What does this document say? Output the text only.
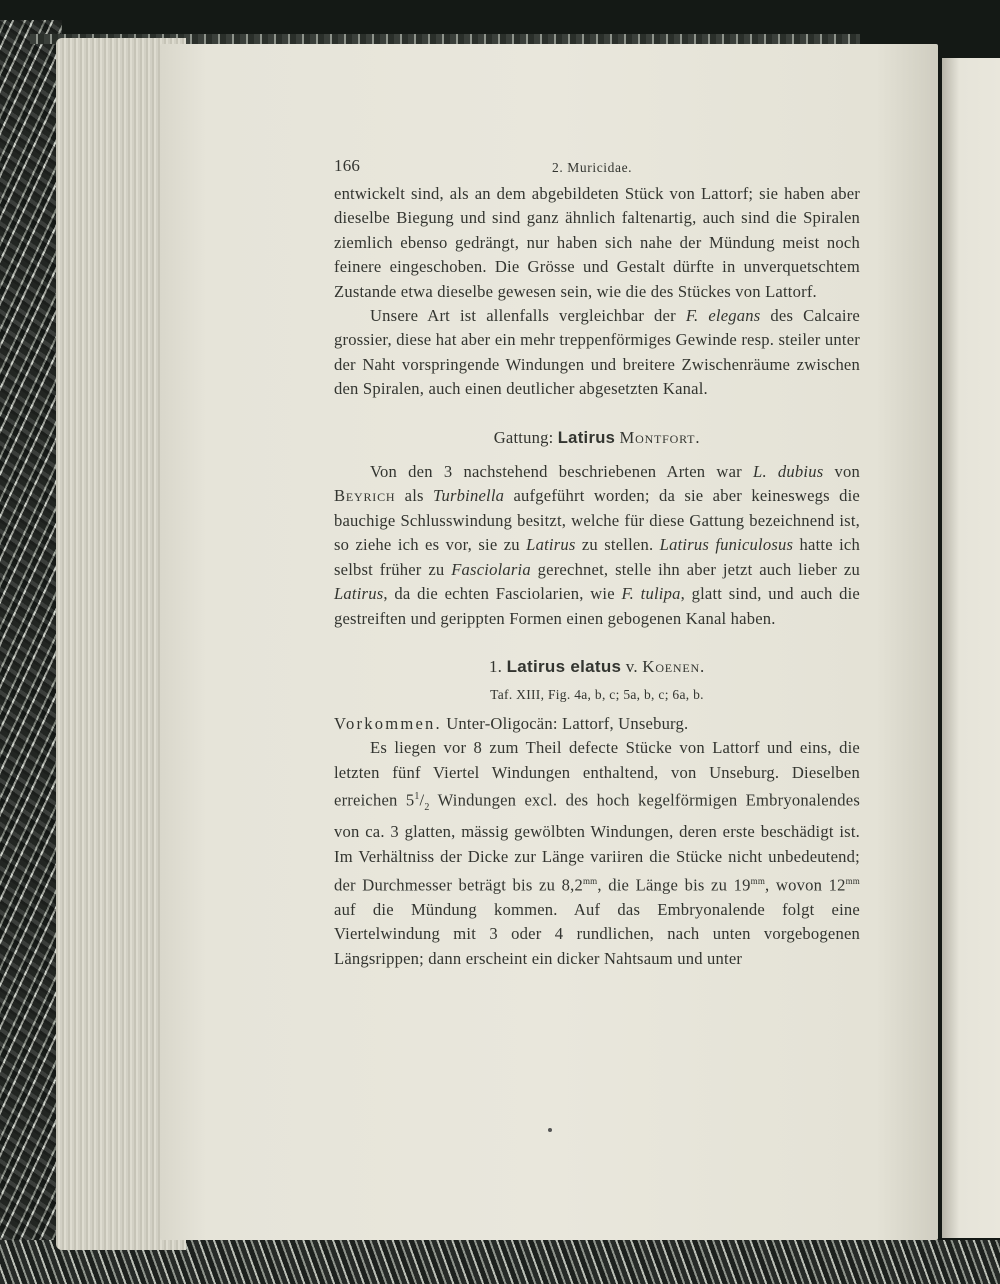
166	2. Muricidae.

entwickelt sind, als an dem abgebildeten Stück von Lattorf; sie haben aber dieselbe Biegung und sind ganz ähnlich faltenartig, auch sind die Spiralen ziemlich ebenso gedrängt, nur haben sich nahe der Mündung meist noch feinere eingeschoben. Die Grösse und Gestalt dürfte in unverquetschtem Zustande etwa dieselbe gewesen sein, wie die des Stückes von Lattorf.

Unsere Art ist allenfalls vergleichbar der F. elegans des Calcaire grossier, diese hat aber ein mehr treppenförmiges Gewinde resp. steiler unter der Naht vorspringende Windungen und breitere Zwischenräume zwischen den Spiralen, auch einen deutlicher abgesetzten Kanal.

Gattung: Latirus Montfort.

Von den 3 nachstehend beschriebenen Arten war L. dubius von Beyrich als Turbinella aufgeführt worden; da sie aber keineswegs die bauchige Schlusswindung besitzt, welche für diese Gattung bezeichnend ist, so ziehe ich es vor, sie zu Latirus zu stellen. Latirus funiculosus hatte ich selbst früher zu Fasciolaria gerechnet, stelle ihn aber jetzt auch lieber zu Latirus, da die echten Fasciolarien, wie F. tulipa, glatt sind, und auch die gestreiften und gerippten Formen einen gebogenen Kanal haben.

1. Latirus elatus v. Koenen.
Taf. XIII, Fig. 4a, b, c; 5a, b, c; 6a, b.

Vorkommen. Unter-Oligocän: Lattorf, Unseburg.

Es liegen vor 8 zum Theil defecte Stücke von Lattorf und eins, die letzten fünf Viertel Windungen enthaltend, von Unseburg. Dieselben erreichen $5^1/_2$ Windungen excl. des hoch kegelförmigen Embryonalendes von ca. 3 glatten, mässig gewölbten Windungen, deren erste beschädigt ist. Im Verhältniss der Dicke zur Länge variiren die Stücke nicht unbedeutend; der Durchmesser beträgt bis zu $8,2^{mm}$, die Länge bis zu $19^{mm}$, wovon $12^{mm}$ auf die Mündung kommen. Auf das Embryonalende folgt eine Viertelwindung mit 3 oder 4 rundlichen, nach unten vorgebogenen Längsrippen; dann erscheint ein dicker Nahtsaum und unter
